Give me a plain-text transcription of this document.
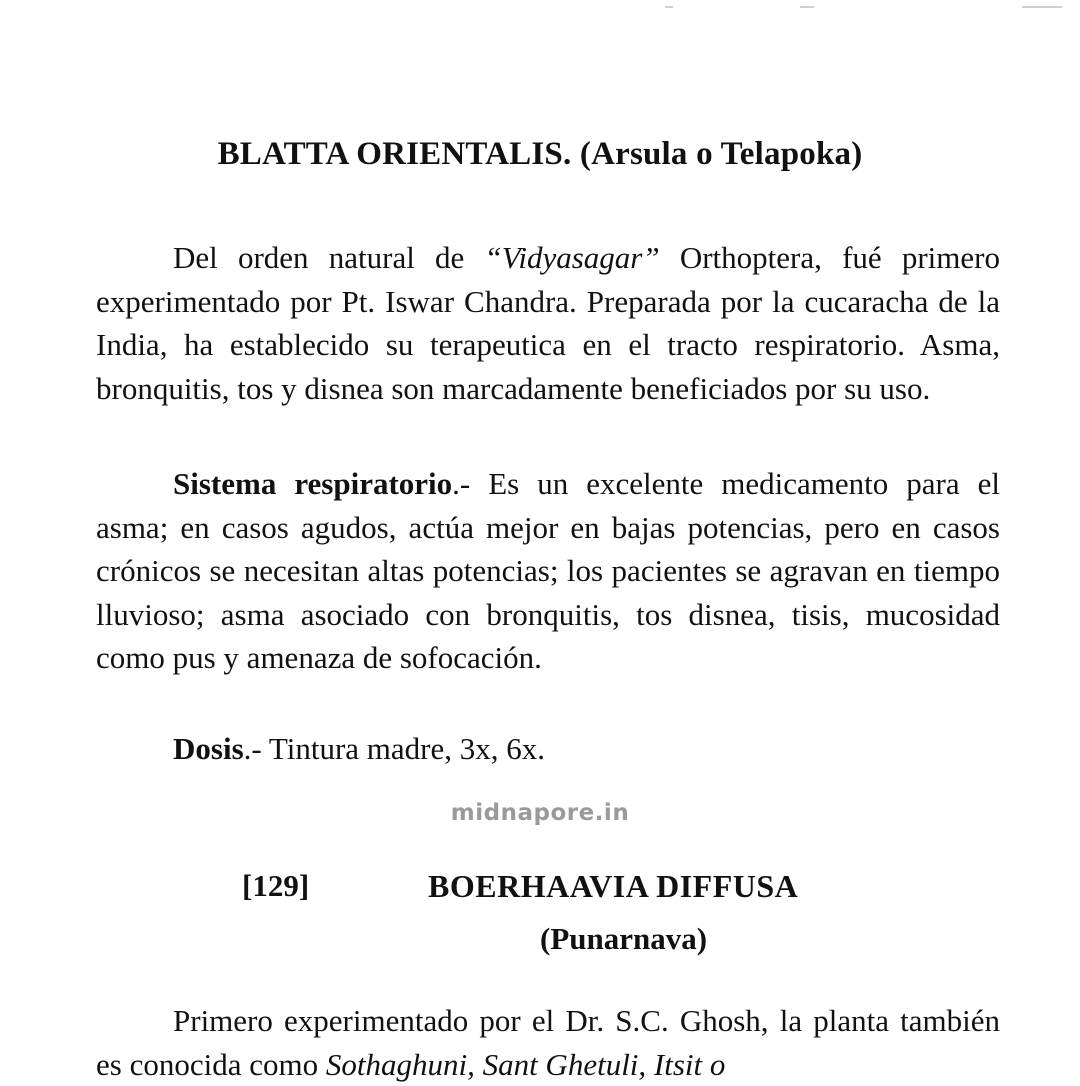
BLATTA ORIENTALIS. (Arsula o Telapoka)

Del orden natural de “Vidyasagar” Orthoptera, fué primero experimentado por Pt. Iswar Chandra. Preparada por la cucaracha de la India, ha establecido su terapeutica en el tracto respiratorio. Asma, bronquitis, tos y disnea son marcadamente beneficiados por su uso.

Sistema respiratorio.- Es un excelente medicamento para el asma; en casos agudos, actúa mejor en bajas potencias, pero en casos crónicos se necesitan altas potencias; los pacientes se agravan en tiempo lluvioso; asma asociado con bronquitis, tos disnea, tisis, mucosidad como pus y amenaza de sofocación.

Dosis.- Tintura madre, 3x, 6x.

midnapore.in
[129]	BOERHAAVIA DIFFUSA
(Punarnava)

Primero experimentado por el Dr. S.C. Ghosh, la planta también es conocida como Sothaghuni, Sant Ghetuli, Itsit o
